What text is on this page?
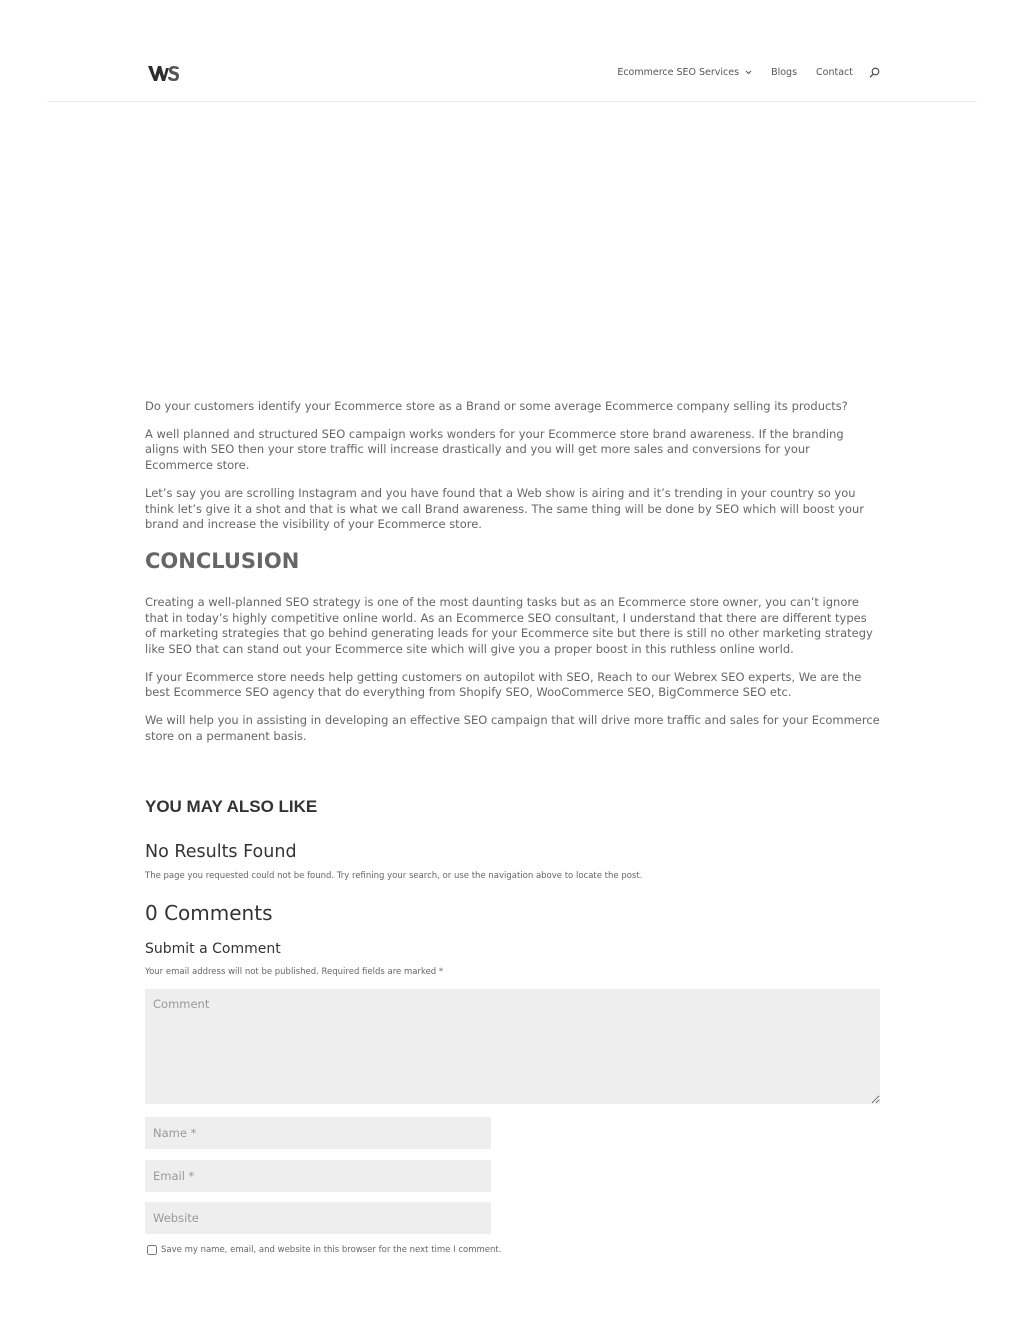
Ecommerce SEO Services	Blogs Contact

Do your customers identify your Ecommerce store as a Brand or some average Ecommerce company selling its products?

A well planned and structured SEO campaign works wonders for your Ecommerce store brand awareness. If the branding aligns with SEO then your store traffic will increase drastically and you will get more sales and conversions for your Ecommerce store.

Let’s say you are scrolling Instagram and you have found that a Web show is airing and it’s trending in your country so you think let’s give it a shot and that is what we call Brand awareness. The same thing will be done by SEO which will boost your brand and increase the visibility of your Ecommerce store.

CONCLUSION

Creating a well-planned SEO strategy is one of the most daunting tasks but as an Ecommerce store owner, you can’t ignore that in today’s highly competitive online world. As an Ecommerce SEO consultant, I understand that there are different types of marketing strategies that go behind generating leads for your Ecommerce site but there is still no other marketing strategy like SEO that can stand out your Ecommerce site which will give you a proper boost in this ruthless online world.

If your Ecommerce store needs help getting customers on autopilot with SEO, Reach to our Webrex SEO experts, We are the best Ecommerce SEO agency that do everything from Shopify SEO, WooCommerce SEO, BigCommerce SEO etc.

We will help you in assisting in developing an effective SEO campaign that will drive more traffic and sales for your Ecommerce store on a permanent basis.

YOU MAY ALSO LIKE
No Results Found

The page you requested could not be found. Try refining your search, or use the navigation above to locate the post.

0 Comments
Submit a Comment

Your email address will not be published. Required fields are marked *

Comment
Name *
Email *
Website
Save my name, email, and website in this browser for the next time I comment.
